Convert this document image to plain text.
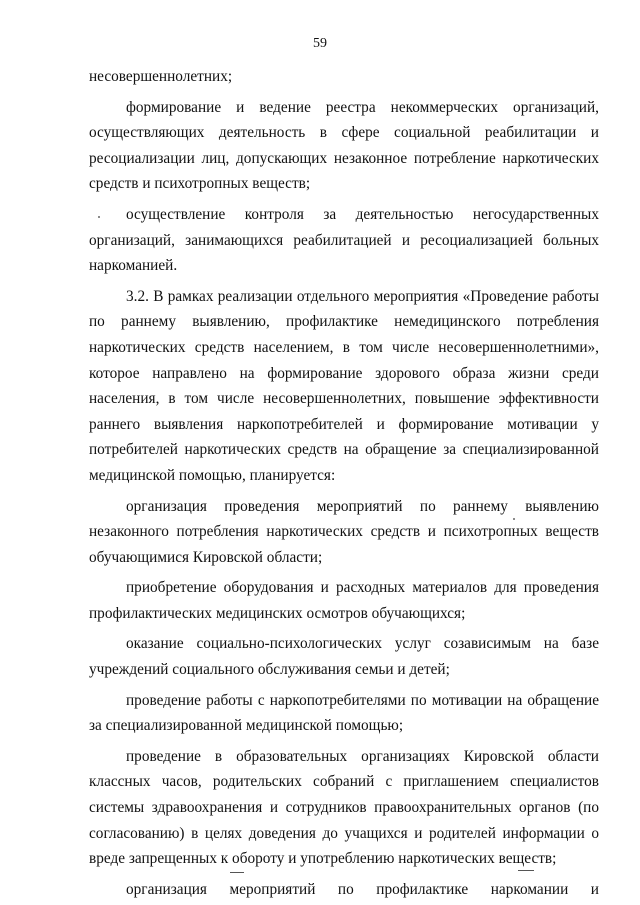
59

несовершеннолетних;

формирование и ведение реестра некоммерческих организаций, осуществляющих деятельность в сфере социальной реабилитации и ресоциализации лиц, допускающих незаконное потребление наркотических средств и психотропных веществ;

осуществление контроля за деятельностью негосударственных организаций, занимающихся реабилитацией и ресоциализацией больных наркоманией.

3.2. В рамках реализации отдельного мероприятия «Проведение работы по раннему выявлению, профилактике немедицинского потребления наркотических средств населением, в том числе несовершеннолетними», которое направлено на формирование здорового образа жизни среди населения, в том числе несовершеннолетних, повышение эффективности раннего выявления наркопотребителей и формирование мотивации у потребителей наркотических средств на обращение за специализированной медицинской помощью, планируется:

организация проведения мероприятий по раннему выявлению незаконного потребления наркотических средств и психотропных веществ обучающимися Кировской области;

приобретение оборудования и расходных материалов для проведения профилактических медицинских осмотров обучающихся;

оказание социально-психологических услуг созависимым на базе учреждений социального обслуживания семьи и детей;

проведение работы с наркопотребителями по мотивации на обращение за специализированной медицинской помощью;

проведение в образовательных организациях Кировской области классных часов, родительских собраний с приглашением специалистов системы здравоохранения и сотрудников правоохранительных органов (по согласованию) в целях доведения до учащихся и родителей информации о вреде запрещенных к обороту и употреблению наркотических веществ;

организация мероприятий по профилактике наркомании и
